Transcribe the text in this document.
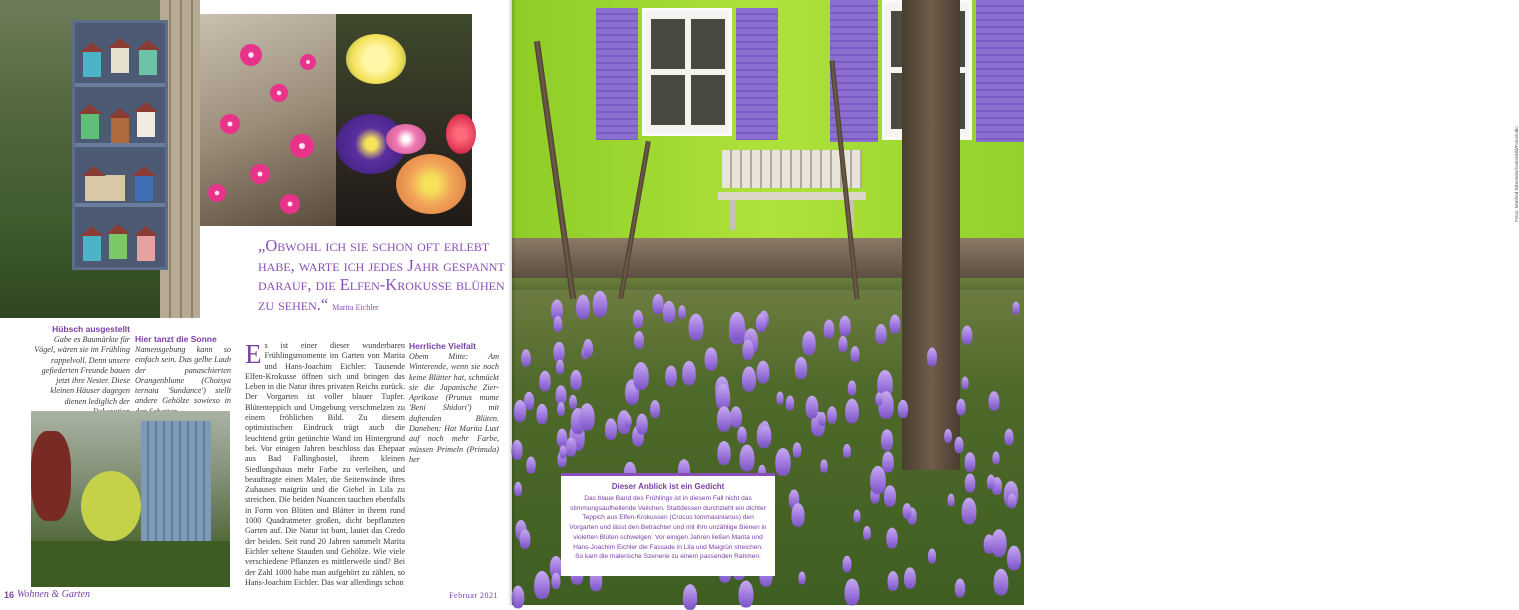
„Obwohl ich sie schon oft erlebt habe, warte ich jedes Jahr gespannt darauf, die Elfen-Krokusse blühen zu sehen.“ Marita Eichler
Hübsch ausgestellt
Gabe es Baumärkte für Vögel, wären sie im Frühling rappelvoll. Denn unsere gefiederten Freunde bauen jetzt ihre Nester. Diese kleinen Häuser dagegen dienen lediglich der
Hier tanzt die Sonne
Namensgebung kann so einfach sein. Das gelbe Laub der panaschierten Orangenblume (Choisya ternata 'Sundance') stellt andere Gehölze sowieso in
Es ist einer dieser wunderbaren Frühlingsmomente im Garten von Marita und Hans-Joachim Eichler: Tausende Elfen-Krokusse öffnen sich und bringen das Leben in die Natur ihres privaten Reichs zurück. Der Vorgarten ist voller blauer Tupfer. Blütenteppich und Umgebung verschmelzen zu einem fröhlichen Bild. Zu diesem optimistischen Eindruck trägt auch die leuchtend grün getünchte Wand im Hintergrund bei. Vor einigen Jahren beschloss das Ehepaar aus Bad Fallingbostel, ihrem kleinen Siedlungshaus mehr Farbe zu verleihen, und beauftragte einen Maler, die Seitenwände ihres Zuhauses maigrün und die Giebel in Lila zu streichen. Die beiden Nuancen tauchen ebenfalls in Form von Blüten und Blätter in ihrem rund 1000 Quadratmeter großen, dicht bepflanzten Garten auf. Die Natur ist bunt, lautet das Credo der beiden. Seit rund 20 Jahren sammelt Marita Eichler seltene Stauden und Gehölze. Wie viele verschiedene Pflanzen es mittlerweile sind? Bei der Zahl 1000 habe man aufgehört zu zählen, so Hans-Joachim Eichler. Das war allerdings schon
Herrliche Vielfalt
Obem Mitte: Am Winterende, wenn sie noch keine Blätter hat, schmückt sie die Japanische Zier-Aprikose (Prunus mume 'Beni Shidori') mit duftenden Blüten. Daneben: Hat Marita Lust auf noch mehr Farbe, müssen Primeln (Primula) her
16 Wohnen & Garten	Februar 2021
Fotos: Manfred Eikemeier/Gartenbild/Fotostudio
Dieser Anblick ist ein Gedicht
Das blaue Band des Frühlings ist in diesem Fall nicht das stimmungsaufhellende Veilchen. Stattdessen durchzieht ein dichter Teppich aus Elfen-Krokussen (Crocus tommasinianus) den Vorgarten und lässt den Betrachter und mit ihm unzählige Bienen in violetten Blüten schwelgen. Vor einigen Jahren ließen Marita und Hans-Joachim Eichler die Fassade in Lila und Maigrün streichen. So kam die malerische Szenerie zu einem passenden Rahmen.
